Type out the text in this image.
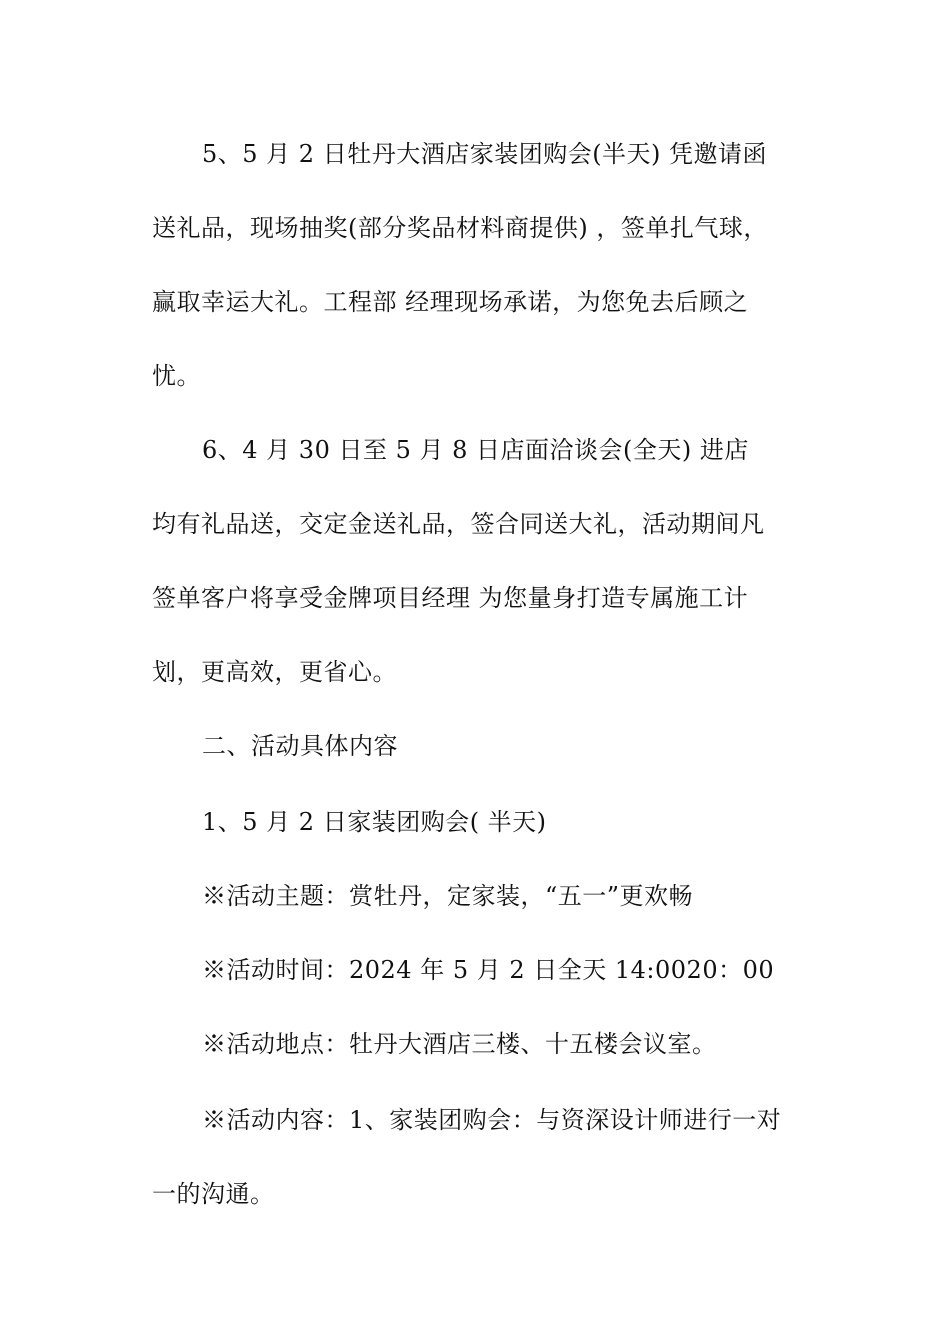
5、5 月 2 日牡丹大酒店家装团购会(半天) 凭邀请函
送礼品，现场抽奖(部分奖品材料商提供) ，签单扎气球，
赢取幸运大礼。工程部 经理现场承诺，为您免去后顾之
忧。
6、4 月 30 日至 5 月 8 日店面洽谈会(全天) 进店
均有礼品送，交定金送礼品，签合同送大礼，活动期间凡
签单客户将享受金牌项目经理 为您量身打造专属施工计
划，更高效，更省心。
二、活动具体内容
1、5 月 2 日家装团购会( 半天)
※活动主题：赏牡丹，定家装，“五一”更欢畅
※活动时间：2024 年 5 月 2 日全天 14:0020：00
※活动地点：牡丹大酒店三楼、十五楼会议室。
※活动内容：1、家装团购会：与资深设计师进行一对
一的沟通。
